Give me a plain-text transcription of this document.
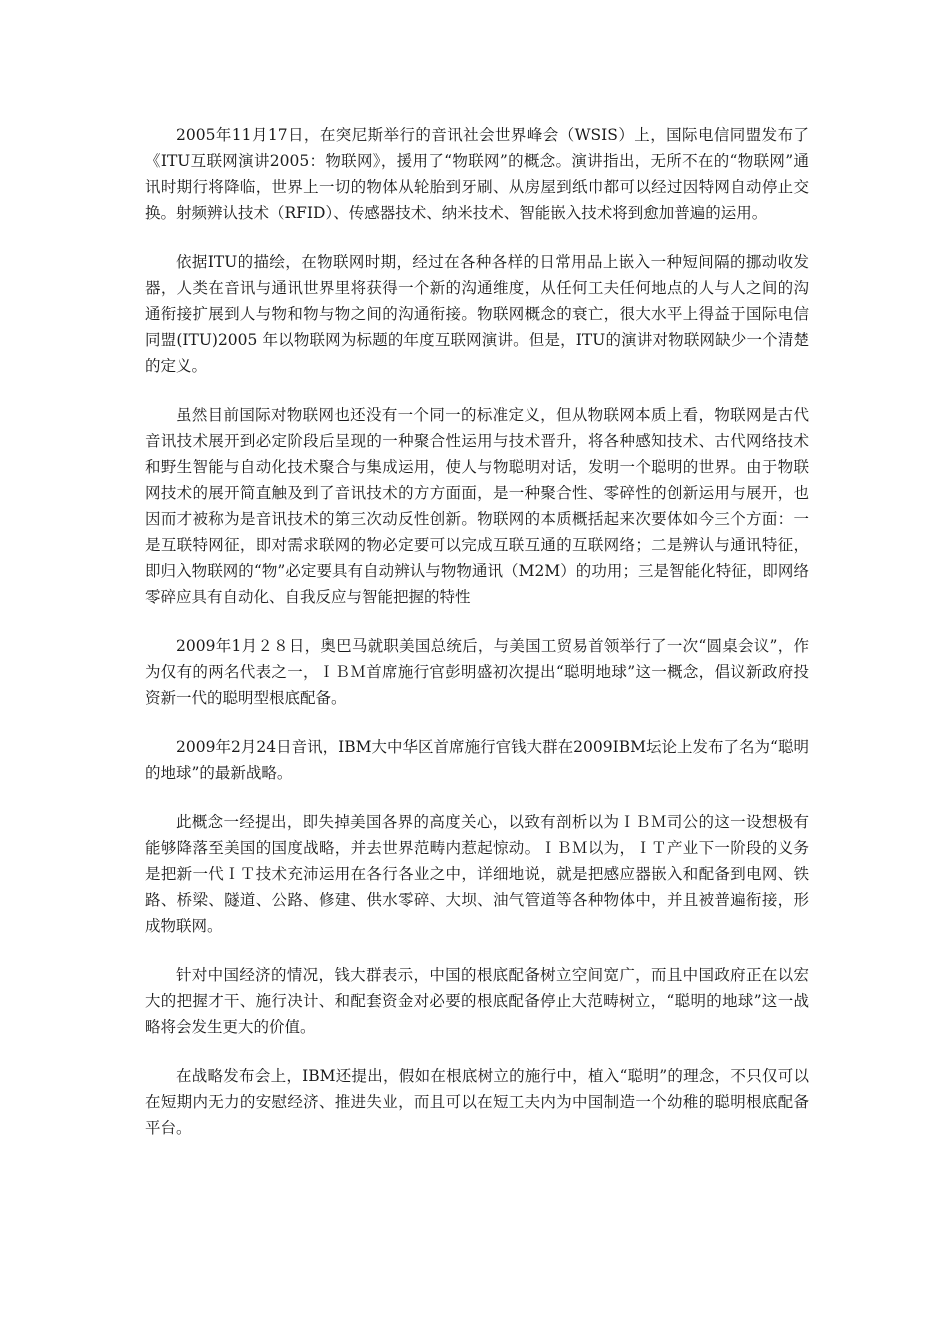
2005年11月17日，在突尼斯举行的音讯社会世界峰会（WSIS）上，国际电信同盟发布了《ITU互联网演讲2005：物联网》，援用了“物联网”的概念。演讲指出，无所不在的“物联网”通讯时期行将降临，世界上一切的物体从轮胎到牙刷、从房屋到纸巾都可以经过因特网自动停止交换。射频辨认技术（RFID）、传感器技术、纳米技术、智能嵌入技术将到愈加普遍的运用。

依据ITU的描绘，在物联网时期，经过在各种各样的日常用品上嵌入一种短间隔的挪动收发器，人类在音讯与通讯世界里将获得一个新的沟通维度，从任何工夫任何地点的人与人之间的沟通衔接扩展到人与物和物与物之间的沟通衔接。物联网概念的衰亡，很大水平上得益于国际电信同盟(ITU)2005 年以物联网为标题的年度互联网演讲。但是，ITU的演讲对物联网缺少一个清楚的定义。

虽然目前国际对物联网也还没有一个同一的标准定义，但从物联网本质上看，物联网是古代音讯技术展开到必定阶段后呈现的一种聚合性运用与技术晋升，将各种感知技术、古代网络技术和野生智能与自动化技术聚合与集成运用，使人与物聪明对话，发明一个聪明的世界。由于物联网技术的展开简直触及到了音讯技术的方方面面，是一种聚合性、零碎性的创新运用与展开，也因而才被称为是音讯技术的第三次动反性创新。物联网的本质概括起来次要体如今三个方面：一是互联特网征，即对需求联网的物必定要可以完成互联互通的互联网络；二是辨认与通讯特征，即归入物联网的“物”必定要具有自动辨认与物物通讯（M2M）的功用；三是智能化特征，即网络零碎应具有自动化、自我反应与智能把握的特性

2009年1月２８日，奥巴马就职美国总统后，与美国工贸易首领举行了一次“圆桌会议”，作为仅有的两名代表之一，ＩＢＭ首席施行官彭明盛初次提出“聪明地球”这一概念，倡议新政府投资新一代的聪明型根底配备。

2009年2月24日音讯，IBM大中华区首席施行官钱大群在2009IBM坛论上发布了名为“聪明的地球”的最新战略。

此概念一经提出，即失掉美国各界的高度关心，以致有剖析以为ＩＢＭ司公的这一设想极有能够降落至美国的国度战略，并去世界范畴内惹起惊动。ＩＢＭ以为，ＩＴ产业下一阶段的义务是把新一代ＩＴ技术充沛运用在各行各业之中，详细地说，就是把感应器嵌入和配备到电网、铁路、桥梁、隧道、公路、修建、供水零碎、大坝、油气管道等各种物体中，并且被普遍衔接，形成物联网。

针对中国经济的情况，钱大群表示，中国的根底配备树立空间宽广，而且中国政府正在以宏大的把握才干、施行决计、和配套资金对必要的根底配备停止大范畴树立，“聪明的地球”这一战略将会发生更大的价值。

在战略发布会上，IBM还提出，假如在根底树立的施行中，植入“聪明”的理念，不只仅可以在短期内无力的安慰经济、推进失业，而且可以在短工夫内为中国制造一个幼稚的聪明根底配备平台。
